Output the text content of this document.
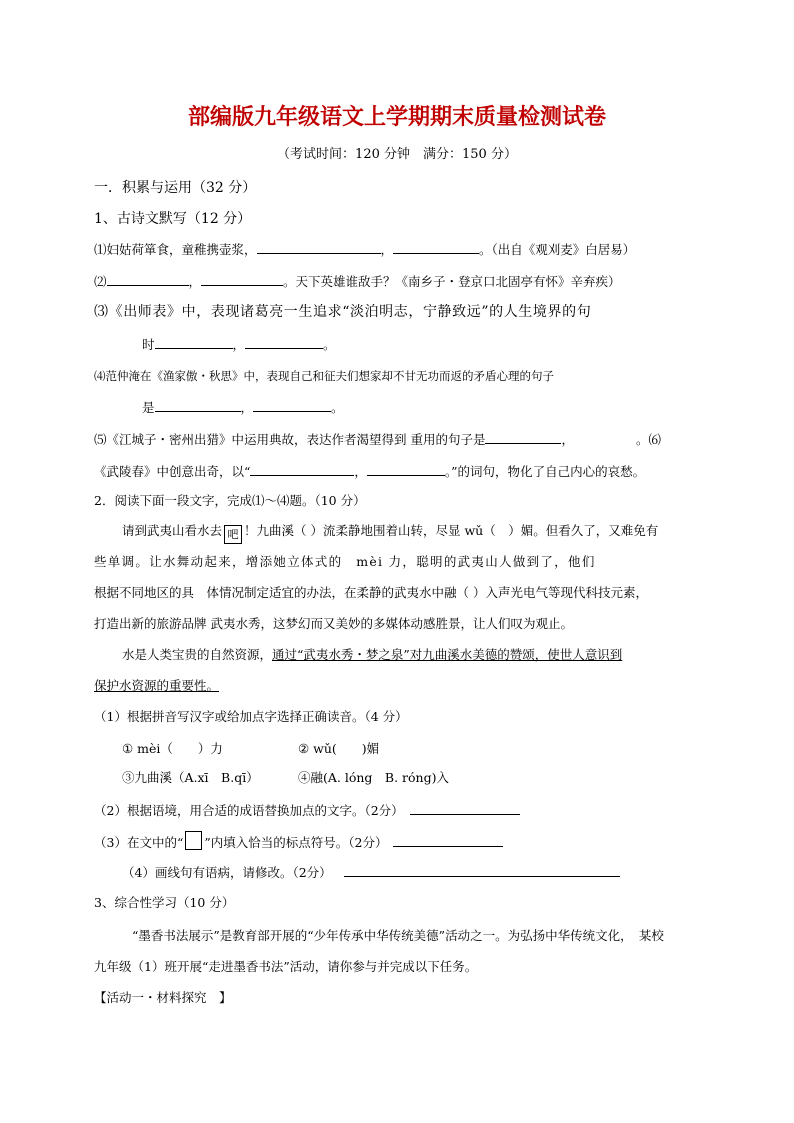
部编版九年级语文上学期期末质量检测试卷
（考试时间：120 分钟　满分：150 分）
一．积累与运用（32 分）
1、古诗文默写（12 分）
⑴妇姑荷箪食，童稚携壶浆，	，	。（出自《观刈麦》白居易）
⑵	，	。天下英雄谁敌手？《南乡子・登京口北固亭有怀》辛弃疾）
⑶《出师表》中，表现诸葛亮一生追求“淡泊明志，宁静致远”的人生境界的句
时	，	。
⑷范仲淹在《渔家傲・秋思》中，表现自己和征夫们想家却不甘无功而返的矛盾心理的句子
是	，	。
⑸《江城子・密州出猎》中运用典故，表达作者渴望得到 重用的句子是	，	。⑹
《武陵春》中创意出奇，以“	，	。”的词句，物化了自己内心的哀愁。
2．阅读下面一段文字，完成⑴～⑷题。（10 分）
请到武夷山看水去 吧 ！九曲溪（ ）流柔静地围着山转，尽显 wǔ（　）媚。但看久了，又难免有
些单调。让水舞动起来，增添她立体式的　mèi 力，聪明的武夷山人做到了，他们
根据不同地区的具　体情况制定适宜的办法，在柔静的武夷水中融（ ）入声光电气等现代科技元素，
打造出新的旅游品牌 武夷水秀，这梦幻而又美妙的多媒体动感胜景，让人们叹为观止。
水是人类宝贵的自然资源，通过“武夷水秀・梦之泉”对九曲溪水美德的赞颂，使世人意识到
保护水资源的重要性。
（1）根据拼音写汉字或给加点字选择正确读音。（4 分）
① mèi（　　）力	② wǔ(　　)媚
③九曲溪（A.xī　B.qī）	④融(A. lóng　B. róng)入
（2）根据语境，用合适的成语替换加点的文字。（2分）
（3）在文中的“ ”内填入恰当的标点符号。（2分）
（4）画线句有语病，请修改。（2分）
3、综合性学习（10 分）
“墨香书法展示”是教育部开展的“少年传承中华传统美德”活动之一。为弘扬中华传统文化，　某校
九年级（1）班开展“走进墨香书法”活动，请你参与并完成以下任务。
【活动一・材料探究　】
